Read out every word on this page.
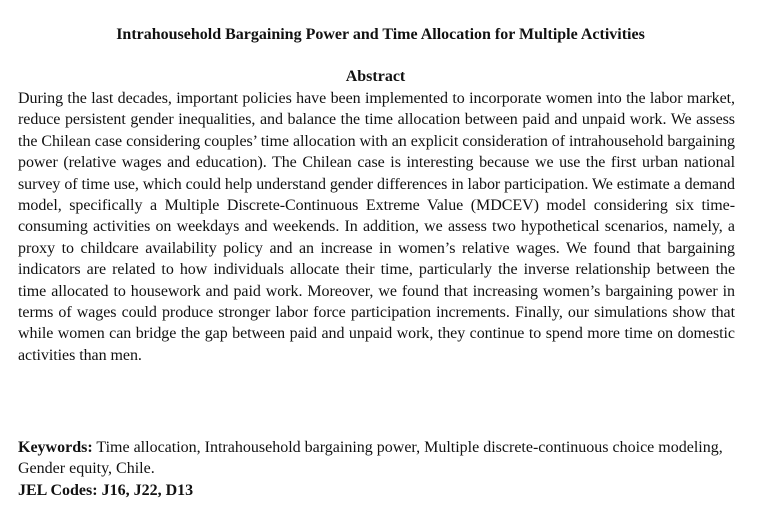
Intrahousehold Bargaining Power and Time Allocation for Multiple Activities
Abstract

During the last decades, important policies have been implemented to incorporate women into the labor market, reduce persistent gender inequalities, and balance the time allocation between paid and unpaid work. We assess the Chilean case considering couples’ time allocation with an explicit consideration of intrahousehold bargaining power (relative wages and education). The Chilean case is interesting because we use the first urban national survey of time use, which could help understand gender differences in labor participation. We estimate a demand model, specifically a Multiple Discrete-Continuous Extreme Value (MDCEV) model considering six time-consuming activities on weekdays and weekends. In addition, we assess two hypothetical scenarios, namely, a proxy to childcare availability policy and an increase in women’s relative wages. We found that bargaining indicators are related to how individuals allocate their time, particularly the inverse relationship between the time allocated to housework and paid work. Moreover, we found that increasing women’s bargaining power in terms of wages could produce stronger labor force participation increments. Finally, our simulations show that while women can bridge the gap between paid and unpaid work, they continue to spend more time on domestic activities than men.

Keywords: Time allocation, Intrahousehold bargaining power, Multiple discrete-continuous choice modeling, Gender equity, Chile.

JEL Codes: J16, J22, D13
